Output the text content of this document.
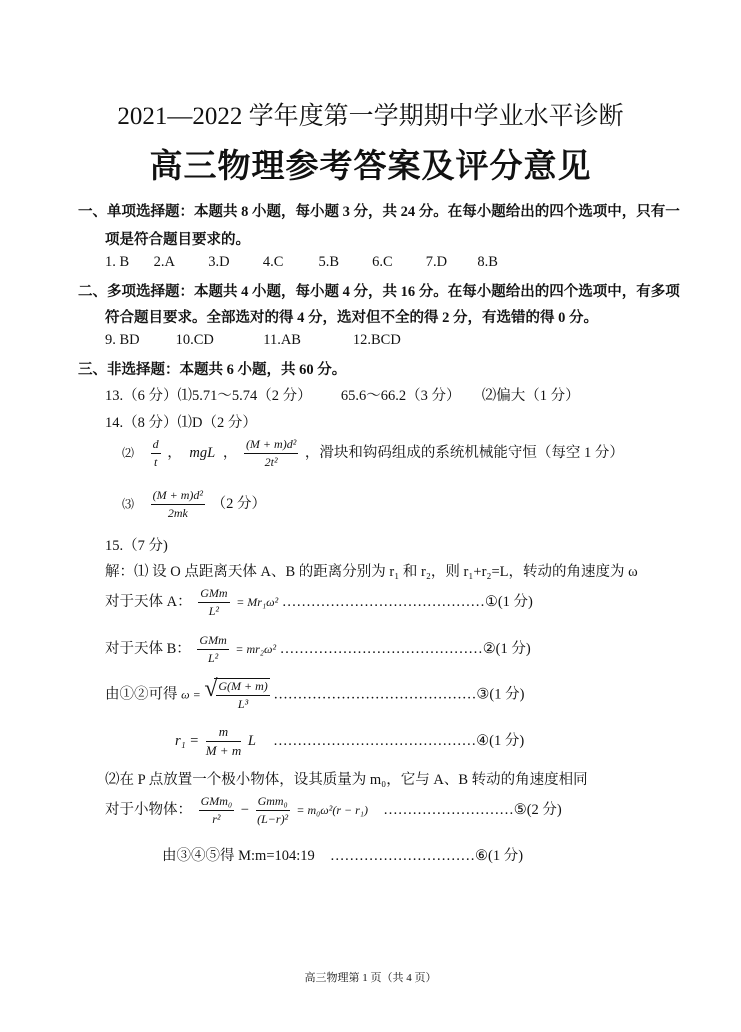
2021—2022 学年度第一学期期中学业水平诊断
高三物理参考答案及评分意见
一、单项选择题：本题共 8 小题，每小题 3 分，共 24 分。在每小题给出的四个选项中，只有一
项是符合题目要求的。
1. B 2.A 3.D 4.C 5.B 6.C 7.D 8.B
二、多项选择题：本题共 4 小题，每小题 4 分，共 16 分。在每小题给出的四个选项中，有多项
符合题目要求。全部选对的得 4 分，选对但不全的得 2 分，有选错的得 0 分。
9. BD 10.CD	11.AB	12.BCD
三、非选择题：本题共 6 小题，共 60 分。
13.（6 分）⑴5.71～5.74（2 分） 65.6～66.2（3 分） ⑵偏大（1 分）
14.（8 分）⑴D（2 分）
⑵ $\frac{d}{t}$ ， mgL ， $\frac{\text{(M + m)d²}}{\text{2t²}}$ ，滑块和钩码组成的系统机械能守恒（每空 1 分）
⑶ $\frac{\text{(M + m)d²}}{2mk} (2$ 分）
15.（7 分)
解：⑴ 设 O 点距离天体 A、B 的距离分别为 r₁ 和 r₂，则 r₁+r₂=L，转动的角速度为 ω
对于天体 A： $\frac{\text{GMm}}{\text{L²}} = Mr_1\omega^2$ ……………………………………①(1 分)
对于天体 B： $\frac{\text{GMm}}{\text{L²}} = mr_2\omega^2$ ……………………………………②(1 分)
由①②可得 ω = √
$\frac{G(M + m)}{\text{L³}}$ ……………………………………③(1 分)
$r_1 = \frac{m}{M + m}$ L ……………………………………④(1 分)
⑵在 P 点放置一个极小物体，设其质量为 m₀，它与 A、B 转动的角速度相同
对于小物体： $\frac{\text{GMm₀}}{\text{r²}} - \frac{\text{Gmm₀}}{\text{(L−r)²}} = m_0\omega^2(r - r_1)$ ………………………⑤(2 分)
由③④⑤得 M:m=104:19 …………………………⑥(1 分)
高三物理第 1 页（共 4 页）
